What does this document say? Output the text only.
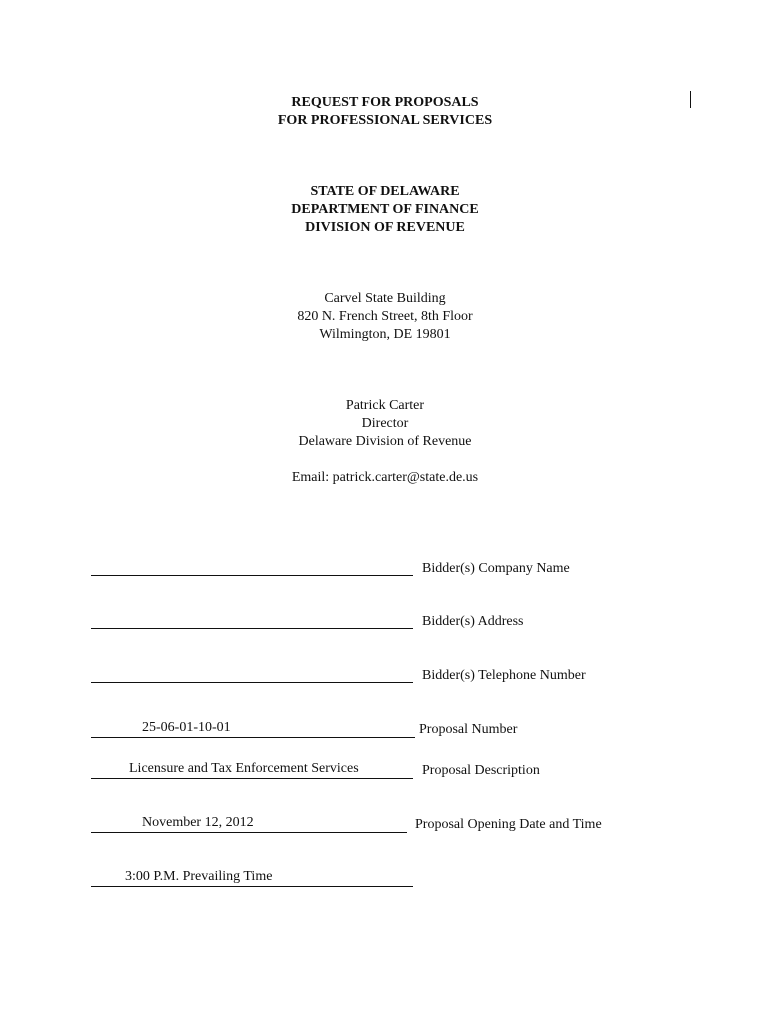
REQUEST FOR PROPOSALS
FOR PROFESSIONAL SERVICES
STATE OF DELAWARE
DEPARTMENT OF FINANCE
DIVISION OF REVENUE
Carvel State Building
820 N. French Street, 8th Floor
Wilmington, DE 19801
Patrick Carter
Director
Delaware Division of Revenue
Email: patrick.carter@state.de.us
Bidder(s) Company Name
Bidder(s) Address
Bidder(s) Telephone Number
25-06-01-10-01	Proposal Number
Licensure and Tax Enforcement Services	Proposal Description
November 12, 2012	Proposal Opening Date and Time
3:00 P.M. Prevailing Time
